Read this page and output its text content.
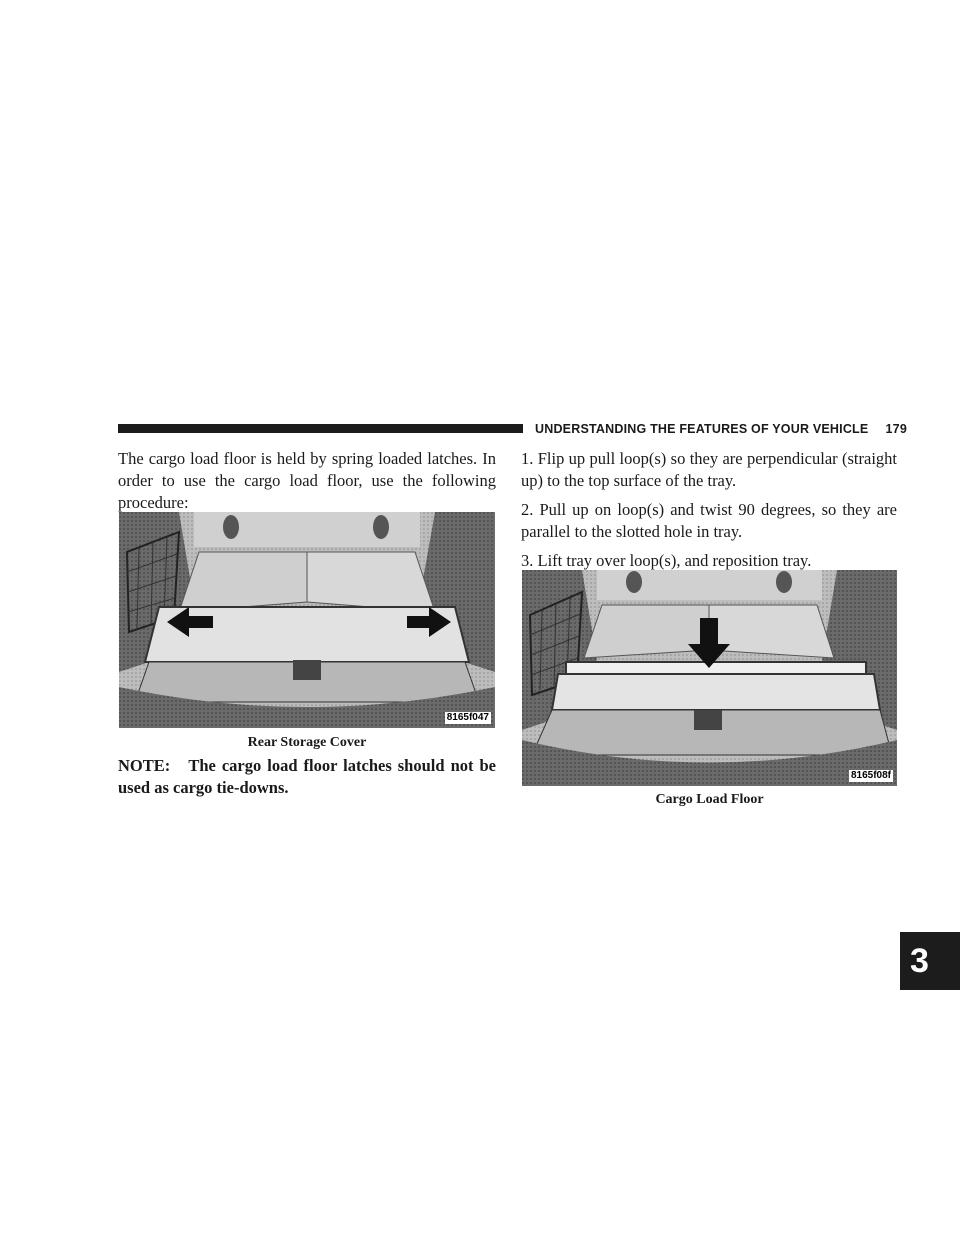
UNDERSTANDING THE FEATURES OF YOUR VEHICLE 179
3

The cargo load floor is held by spring loaded latches. In order to use the cargo load floor, use the following procedure:

8165f047
Rear Storage Cover

NOTE: The cargo load floor latches should not be used as cargo tie-downs.

1. Flip up pull loop(s) so they are perpendicular (straight up) to the top surface of the tray.

2. Pull up on loop(s) and twist 90 degrees, so they are parallel to the slotted hole in tray.

3. Lift tray over loop(s), and reposition tray.

8165f08f
Cargo Load Floor
